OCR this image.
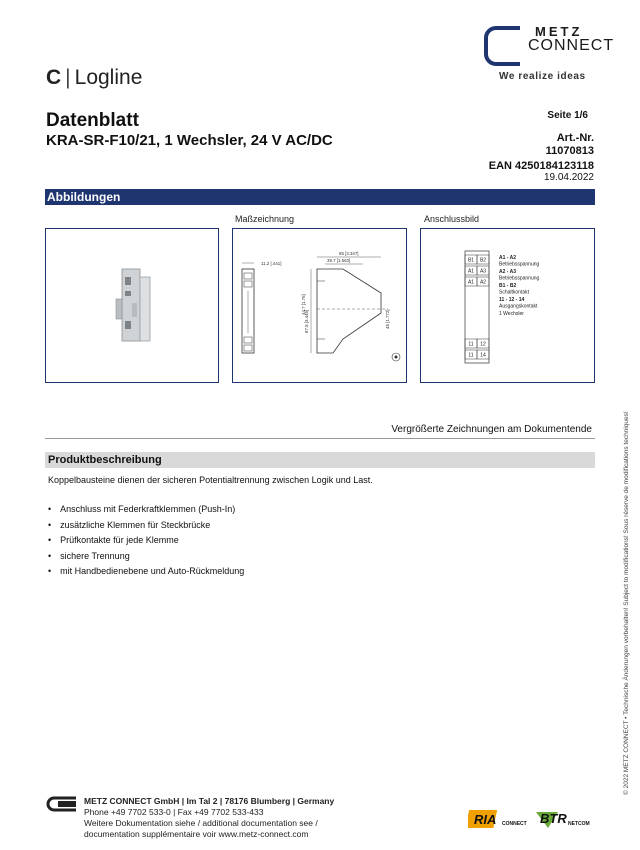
METZ
CONNECT
We realize ideas
C | Logline
Datenblatt
KRA-SR-F10/21, 1 Wechsler, 24 V AC/DC
Seite 1/6
Art.-Nr.
11070813
EAN 4250184123118
19.04.2022
Abbildungen
Maßzeichnung	Anschlussbild
11.2 [.441]
85 [3.347]
39.7 [1.563]
87.5 [3.445]
44.7 [1.76]
45 [1.772]
B1 B2
A1 A3
A1 A2
11 12
11 14
A1 - A2
Betriebsspannung
A2 - A3
Betriebsspannung
B1 - B2
Schaltkontakt
11 - 12 - 14
Ausgangskontakt
1 Wechsler
Vergrößerte Zeichnungen am Dokumentende
Produktbeschreibung
Koppelbausteine dienen der sicheren Potentialtrennung zwischen Logik und Last.
• Anschluss mit Federkraftklemmen (Push-In)
• zusätzliche Klemmen für Steckbrücke
• Prüfkontakte für jede Klemme
• sichere Trennung
• mit Handbedienebene und Auto-Rückmeldung	© 2022 METZ CONNECT • Technische Änderungen vorbehalten! Subject to modifications! Sous réserve de modifications techniques!
METZ CONNECT GmbH | Im Tal 2 | 78176 Blumberg | Germany
Phone +49 7702 533-0 | Fax +49 7702 533-433
Weitere Dokumentation siehe / additional documentation see /
documentation supplémentaire voir www.metz-connect.com
RIA CONNECT BTR NETCOM
